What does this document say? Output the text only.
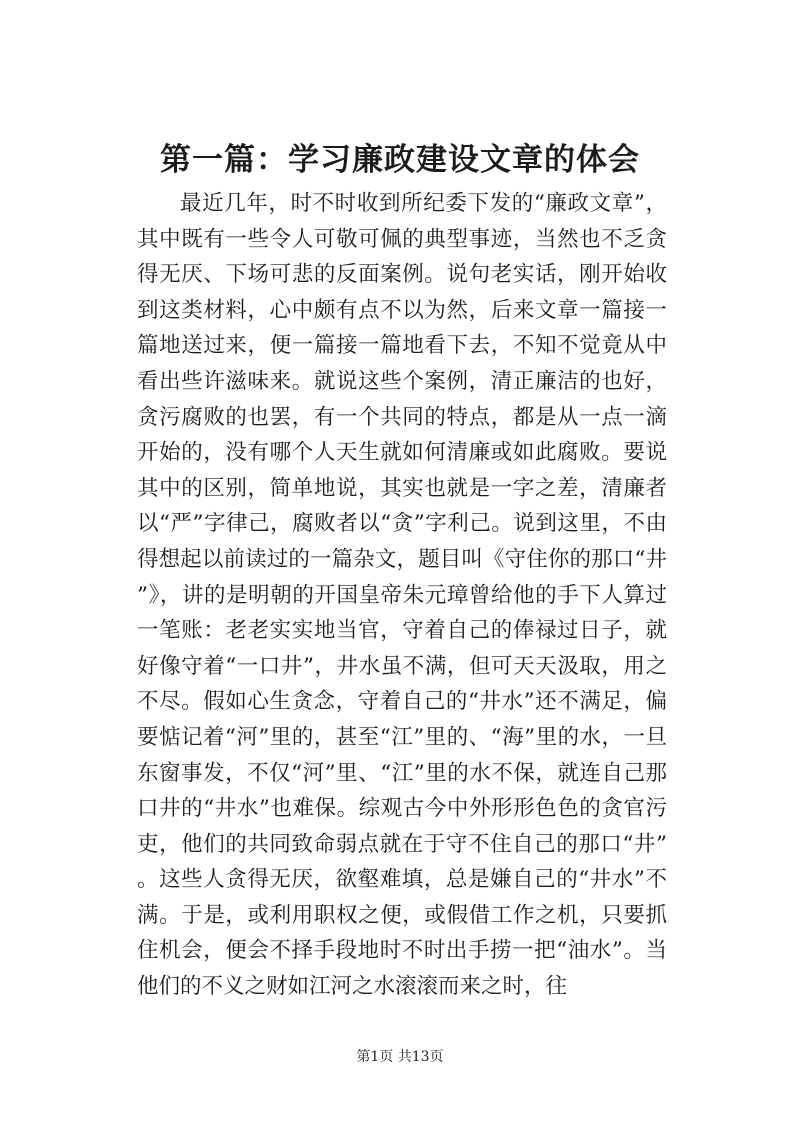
第一篇：学习廉政建设文章的体会

最近几年，时不时收到所纪委下发的“廉政文章”，其中既有一些令人可敬可佩的典型事迹，当然也不乏贪得无厌、下场可悲的反面案例。说句老实话，刚开始收到这类材料，心中颇有点不以为然，后来文章一篇接一篇地送过来，便一篇接一篇地看下去，不知不觉竟从中看出些许滋味来。就说这些个案例，清正廉洁的也好，贪污腐败的也罢，有一个共同的特点，都是从一点一滴开始的，没有哪个人天生就如何清廉或如此腐败。要说其中的区别，简单地说，其实也就是一字之差，清廉者以“严”字律己，腐败者以“贪”字利己。说到这里，不由得想起以前读过的一篇杂文，题目叫《守住你的那口“井”》，讲的是明朝的开国皇帝朱元璋曾给他的手下人算过一笔账：老老实实地当官，守着自己的俸禄过日子，就好像守着“一口井”，井水虽不满，但可天天汲取，用之不尽。假如心生贪念，守着自己的“井水”还不满足，偏要惦记着“河”里的，甚至“江”里的、“海”里的水，一旦东窗事发，不仅“河”里、“江”里的水不保，就连自己那口井的“井水”也难保。综观古今中外形形色色的贪官污吏，他们的共同致命弱点就在于守不住自己的那口“井”。这些人贪得无厌，欲壑难填，总是嫌自己的“井水”不满。于是，或利用职权之便，或假借工作之机，只要抓住机会，便会不择手段地时不时出手捞一把“油水”。当他们的不义之财如江河之水滚滚而来之时，往

第1页 共13页
